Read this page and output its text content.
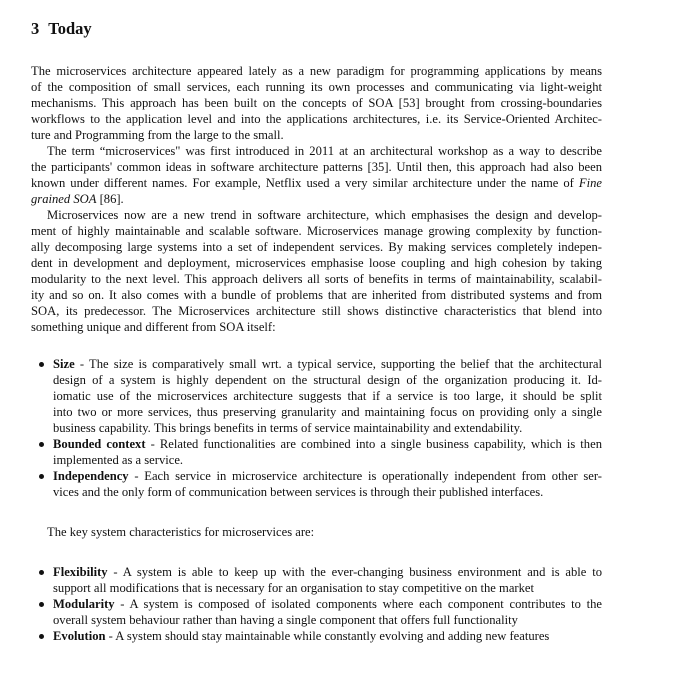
3 Today
The microservices architecture appeared lately as a new paradigm for programming applications by means
of the composition of small services, each running its own processes and communicating via light-weight
mechanisms. This approach has been built on the concepts of SOA [53] brought from crossing-boundaries
workflows to the application level and into the applications architectures, i.e. its Service-Oriented Architec-
ture and Programming from the large to the small.
The term “microservices" was first introduced in 2011 at an architectural workshop as a way to describe
the participants' common ideas in software architecture patterns [35]. Until then, this approach had also been
known under different names. For example, Netflix used a very similar architecture under the name of Fine
grained SOA [86].
Microservices now are a new trend in software architecture, which emphasises the design and develop-
ment of highly maintainable and scalable software. Microservices manage growing complexity by function-
ally decomposing large systems into a set of independent services. By making services completely indepen-
dent in development and deployment, microservices emphasise loose coupling and high cohesion by taking
modularity to the next level. This approach delivers all sorts of benefits in terms of maintainability, scalabil-
ity and so on. It also comes with a bundle of problems that are inherited from distributed systems and from
SOA, its predecessor. The Microservices architecture still shows distinctive characteristics that blend into
something unique and different from SOA itself:
Size - The size is comparatively small wrt. a typical service, supporting the belief that the architectural
design of a system is highly dependent on the structural design of the organization producing it. Id-
iomatic use of the microservices architecture suggests that if a service is too large, it should be split
into two or more services, thus preserving granularity and maintaining focus on providing only a single
business capability. This brings benefits in terms of service maintainability and extendability.
Bounded context - Related functionalities are combined into a single business capability, which is then
implemented as a service.
Independency - Each service in microservice architecture is operationally independent from other ser-
vices and the only form of communication between services is through their published interfaces.
The key system characteristics for microservices are:
Flexibility - A system is able to keep up with the ever-changing business environment and is able to
support all modifications that is necessary for an organisation to stay competitive on the market
Modularity - A system is composed of isolated components where each component contributes to the
overall system behaviour rather than having a single component that offers full functionality
Evolution - A system should stay maintainable while constantly evolving and adding new features
